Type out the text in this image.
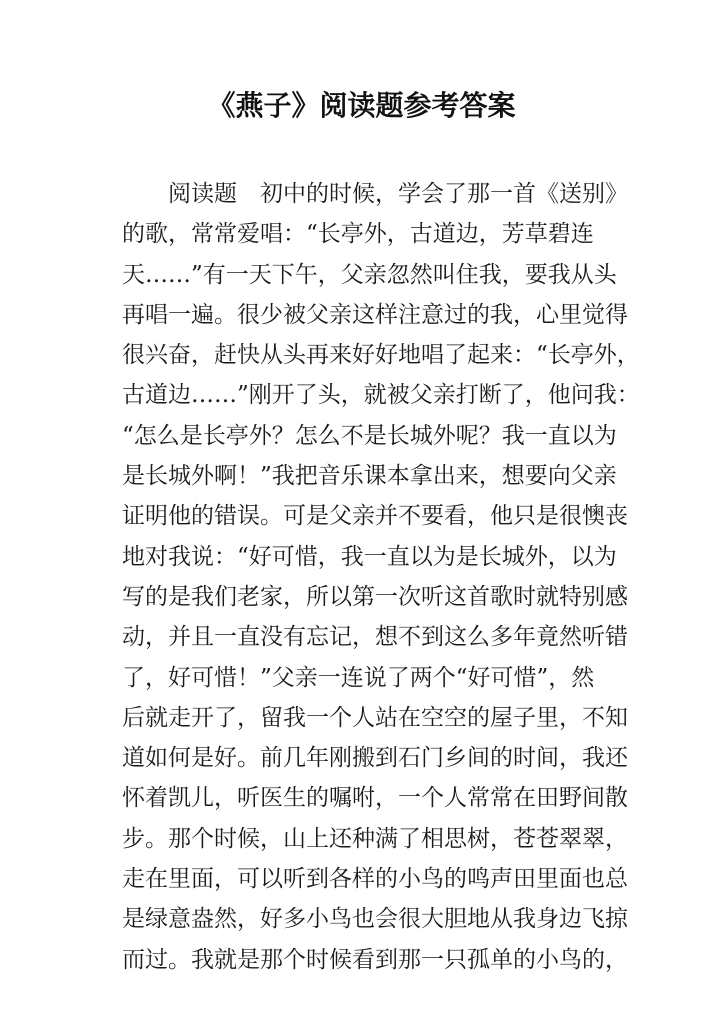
《燕子》阅读题参考答案
阅读题　初中的时候，学会了那一首《送别》
的歌，常常爱唱：“长亭外，古道边，芳草碧连
天……”有一天下午，父亲忽然叫住我，要我从头
再唱一遍。很少被父亲这样注意过的我，心里觉得
很兴奋，赶快从头再来好好地唱了起来：“长亭外，
古道边……”刚开了头，就被父亲打断了，他问我：
“怎么是长亭外？怎么不是长城外呢？我一直以为
是长城外啊！”我把音乐课本拿出来，想要向父亲
证明他的错误。可是父亲并不要看，他只是很懊丧
地对我说：“好可惜，我一直以为是长城外，以为
写的是我们老家，所以第一次听这首歌时就特别感
动，并且一直没有忘记，想不到这么多年竟然听错
了，好可惜！”父亲一连说了两个“好可惜”，然
后就走开了，留我一个人站在空空的屋子里，不知
道如何是好。前几年刚搬到石门乡间的时间，我还
怀着凯儿，听医生的嘱咐，一个人常常在田野间散
步。那个时候，山上还种满了相思树，苍苍翠翠，
走在里面，可以听到各样的小鸟的鸣声田里面也总
是绿意盎然，好多小鸟也会很大胆地从我身边飞掠
而过。我就是那个时候看到那一只孤单的小鸟的，
